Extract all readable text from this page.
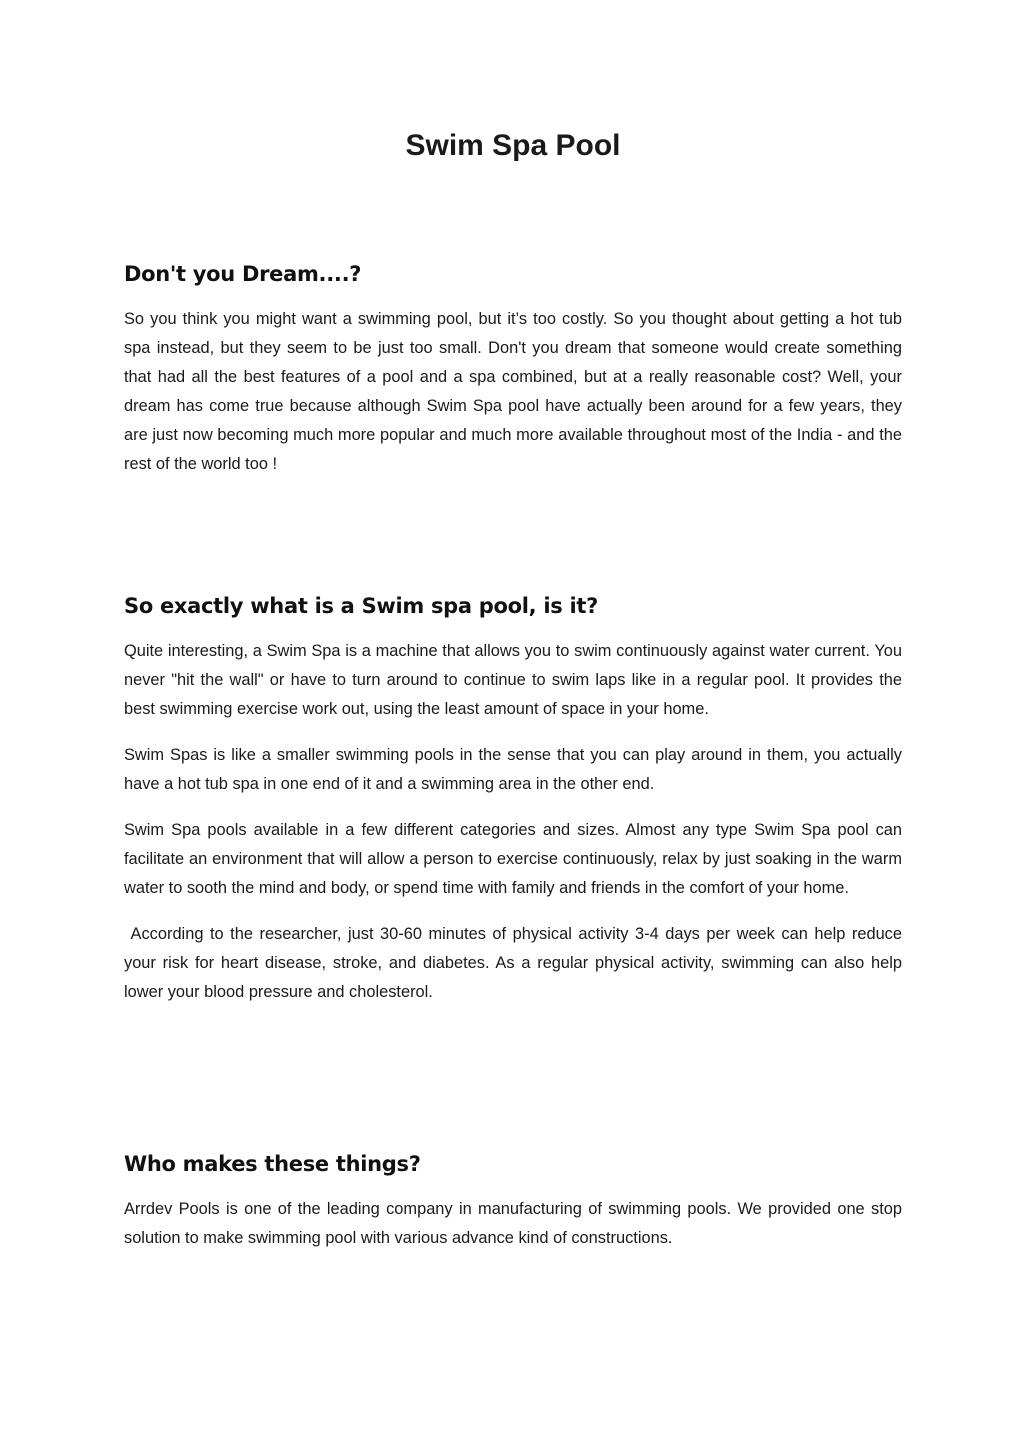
Swim Spa Pool
Don't you Dream....?

So you think you might want a swimming pool, but it’s too costly. So you thought about getting a hot tub spa instead, but they seem to be just too small. Don't you dream that someone would create something that had all the best features of a pool and a spa combined, but at a really reasonable cost? Well, your dream has come true because although Swim Spa pool have actually been around for a few years, they are just now becoming much more popular and much more available throughout most of the India - and the rest of the world too !

So exactly what is a Swim spa pool, is it?

Quite interesting, a Swim Spa is a machine that allows you to swim continuously against water current. You never "hit the wall" or have to turn around to continue to swim laps like in a regular pool. It provides the best swimming exercise work out, using the least amount of space in your home.

Swim Spas is like a smaller swimming pools in the sense that you can play around in them, you actually have a hot tub spa in one end of it and a swimming area in the other end.

Swim Spa pools available in a few different categories and sizes. Almost any type Swim Spa pool can facilitate an environment that will allow a person to exercise continuously, relax by just soaking in the warm water to sooth the mind and body, or spend time with family and friends in the comfort of your home.

According to the researcher, just 30-60 minutes of physical activity 3-4 days per week can help reduce your risk for heart disease, stroke, and diabetes. As a regular physical activity, swimming can also help lower your blood pressure and cholesterol.

Who makes these things?

Arrdev Pools is one of the leading company in manufacturing of swimming pools. We provided one stop solution to make swimming pool with various advance kind of constructions.
